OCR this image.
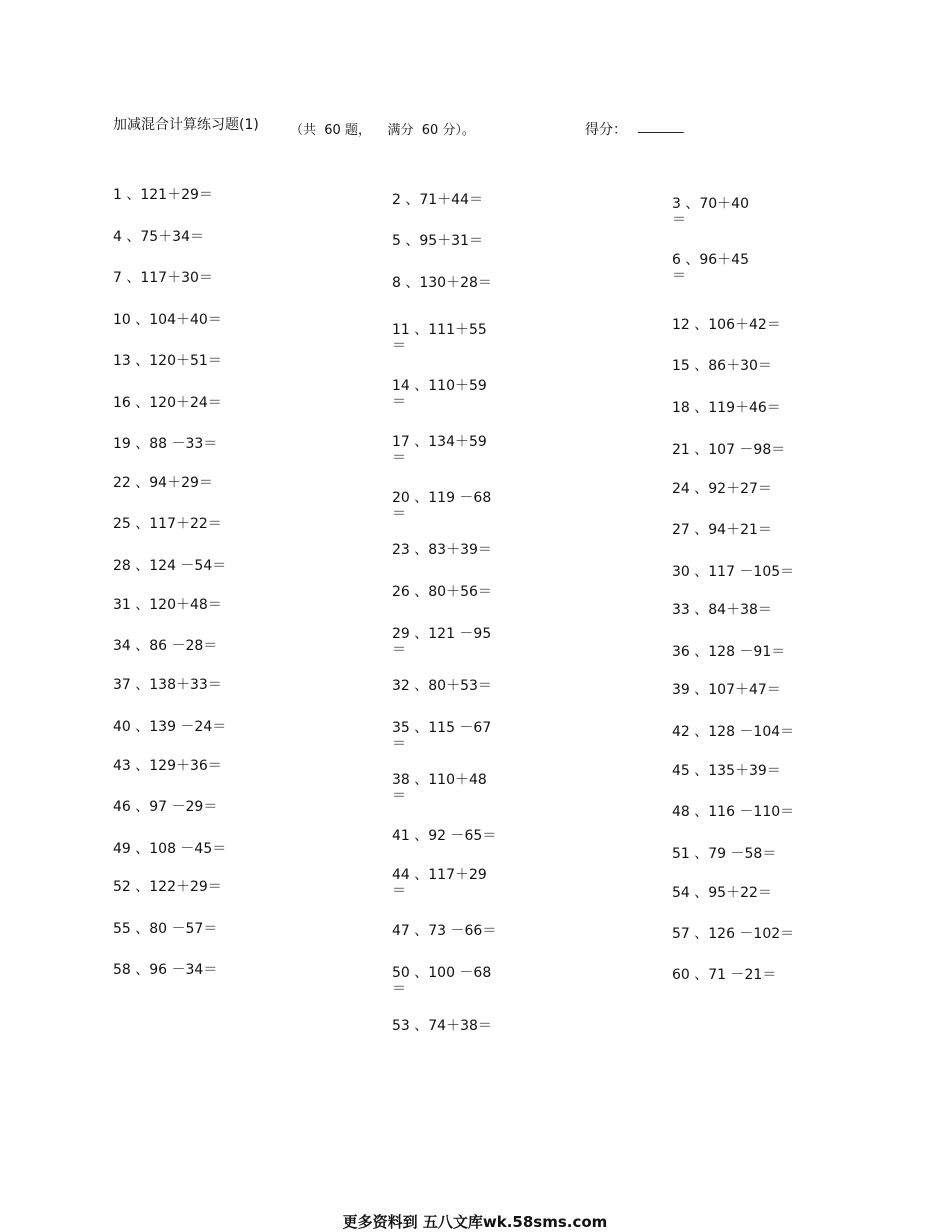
加减混合计算练习题(1) （共  60 题，    满分  60 分）。	得分： _______
1 、121＋29＝	2 、71＋44＝	3 、70＋40
＝
4 、75＋34＝	5 、95＋31＝
6 、96＋45
＝
7 、117＋30＝	8 、130＋28＝
10 、104＋40＝
11 、111＋55
＝
12 、106＋42＝
13 、120＋51＝
14 、110＋59
＝
15 、86＋30＝
16 、120＋24＝
17 、134＋59
＝
18 、119＋46＝
19 、88 －33＝
20 、119 －68
＝
21 、107 －98＝
22 、94＋29＝
23 、83＋39＝
24 、92＋27＝
25 、117＋22＝
26 、80＋56＝
27 、94＋21＝
28 、124 －54＝
29 、121 －95
＝
30 、117 －105＝
31 、120＋48＝
32 、80＋53＝
33 、84＋38＝
34 、86 －28＝
35 、115 －67
＝
36 、128 －91＝
37 、138＋33＝
38 、110＋48
＝
39 、107＋47＝
40 、139 －24＝
41 、92 －65＝
42 、128 －104＝
43 、129＋36＝
44 、117＋29
＝
45 、135＋39＝
46 、97 －29＝
47 、73 －66＝
48 、116 －110＝
49 、108 －45＝
50 、100 －68
＝
51 、79 －58＝
52 、122＋29＝	54 、95＋22＝
55 、80 －57＝	57 、126 －102＝
58 、96 －34＝	60 、71 －21＝
53 、74＋38＝
更多资料到 五八文库wk.58sms.com
